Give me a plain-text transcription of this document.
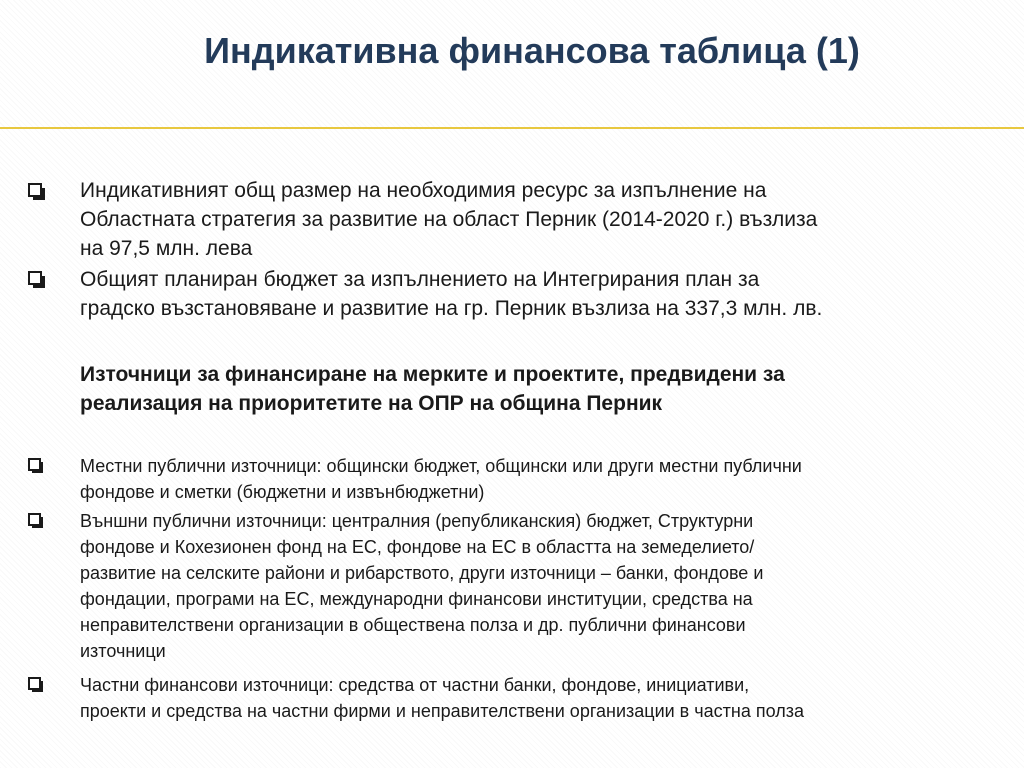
Индикативна финансова таблица (1)

Индикативният общ размер на необходимия ресурс за изпълнение на
Областната стратегия за развитие на област Перник (2014-2020 г.) възлиза
на 97,5 млн. лева

Общият планиран бюджет за изпълнението на Интегрирания план за
градско възстановяване и развитие на гр. Перник възлиза на 337,3 млн. лв.

Източници за финансиране на мерките и проектите, предвидени за
реализация на приоритетите на ОПР на община Перник

Местни публични източници: общински бюджет, общински или други местни публични
фондове и сметки (бюджетни и извънбюджетни)

Външни публични източници: централния (републиканския) бюджет, Структурни
фондове и Кохезионен фонд на ЕС, фондове на ЕС в областта на земеделието/
развитие на селските райони и рибарството, други източници – банки, фондове и
фондации, програми на ЕС, международни финансови институции, средства на
неправителствени организации в обществена полза и др. публични финансови
източници

Частни финансови източници: средства от частни банки, фондове, инициативи,
проекти и средства на частни фирми и неправителствени организации в частна полза
